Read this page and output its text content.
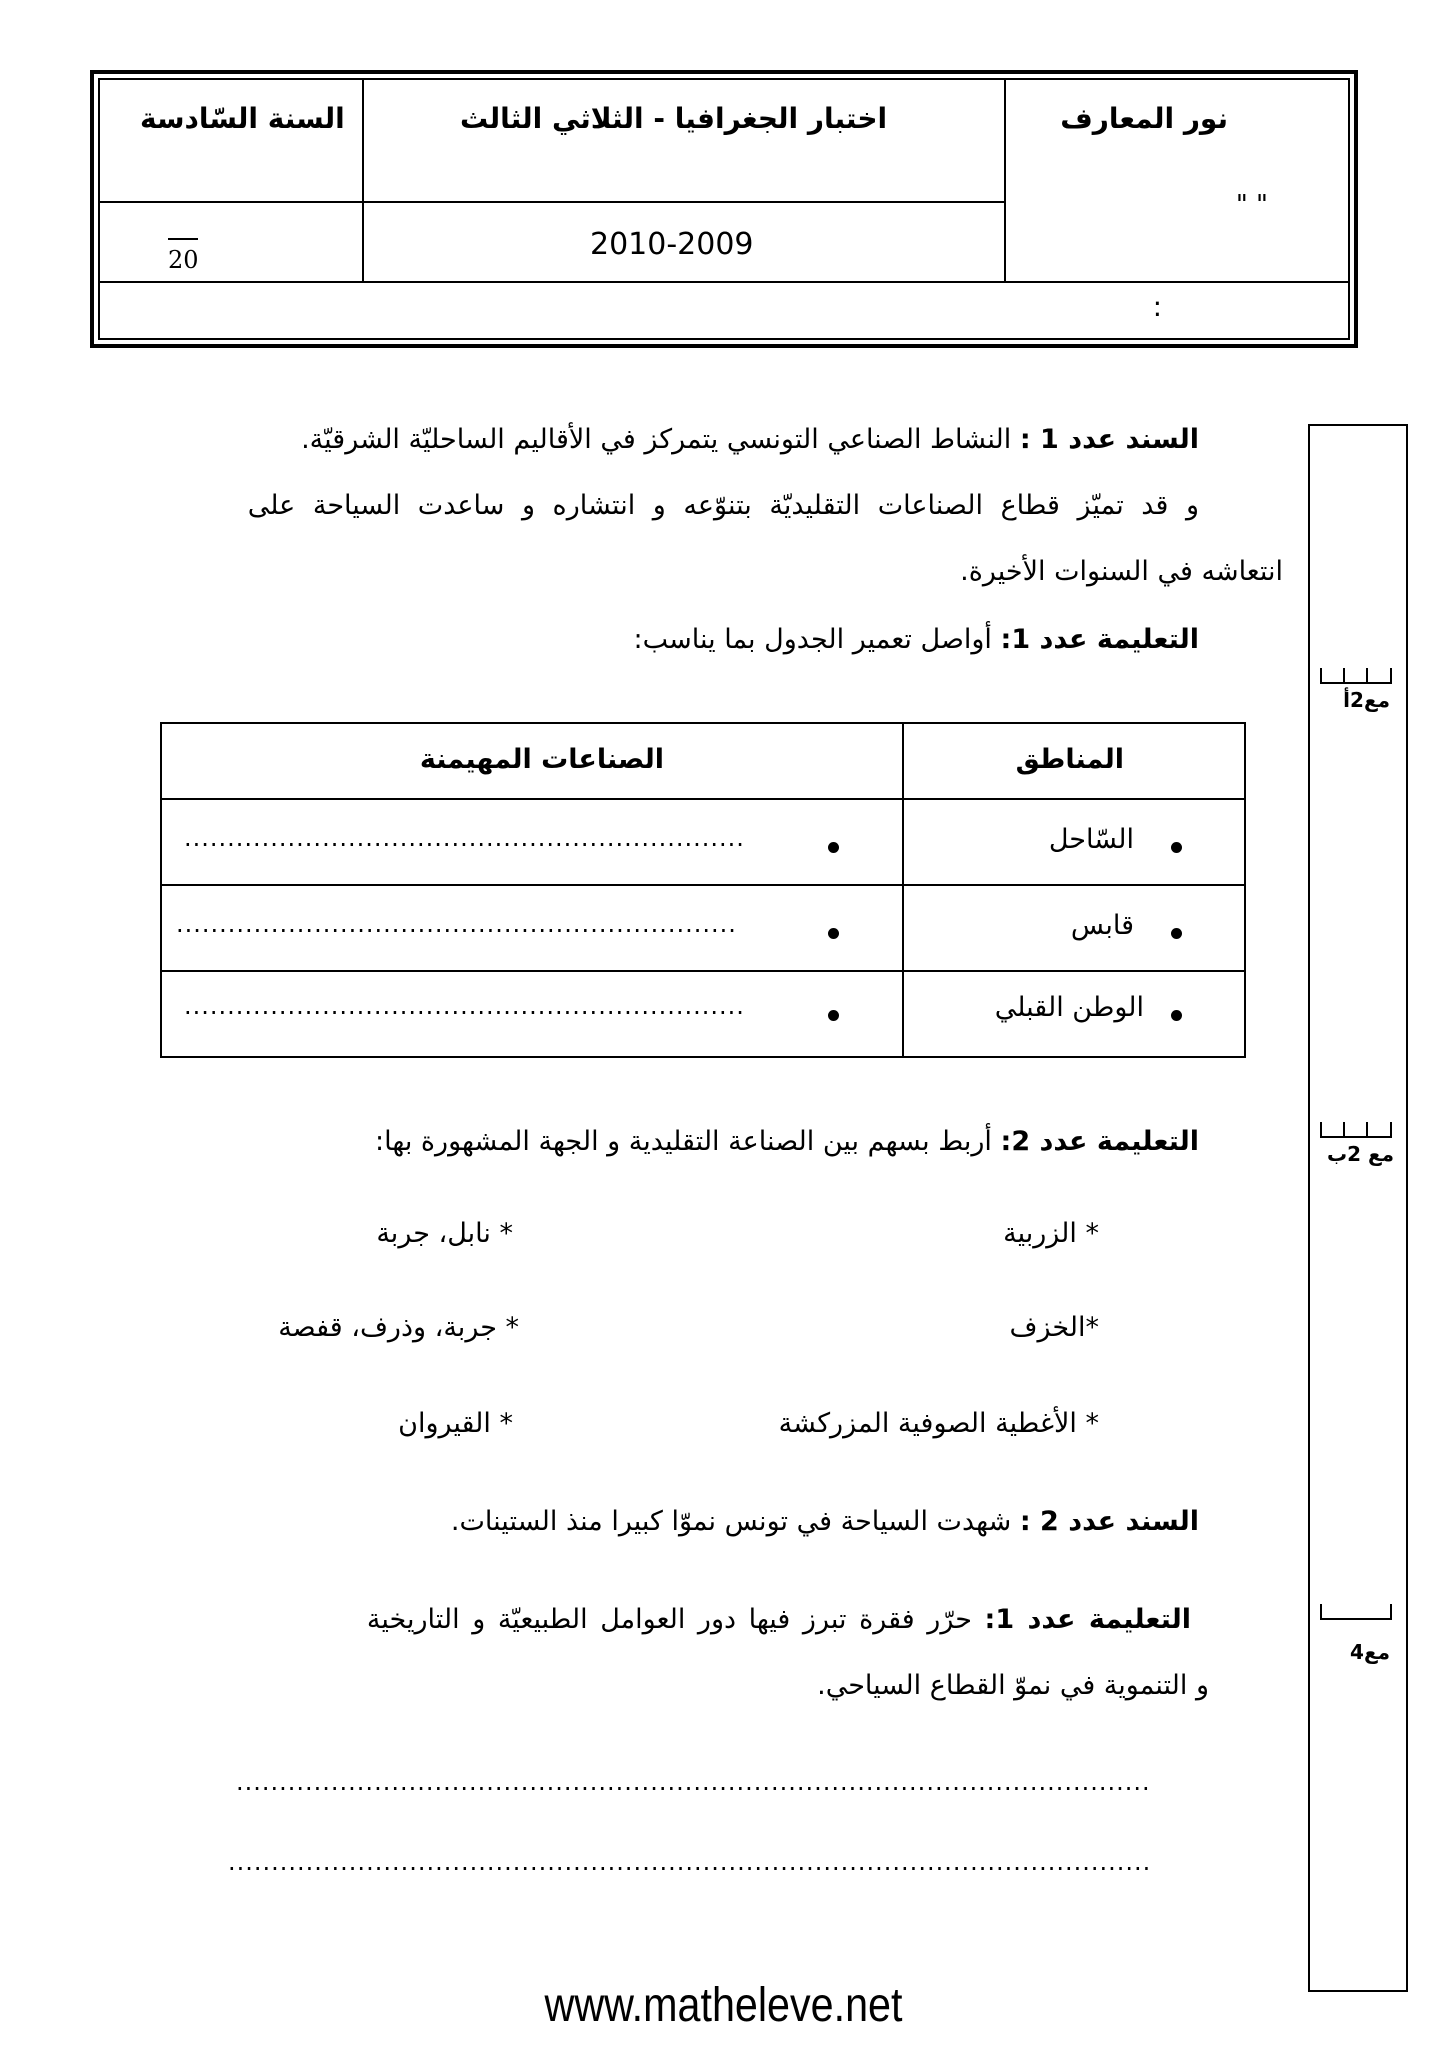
نور المعارف
" "
اختبار الجغرافيا - الثلاثي الثالث
السنة السّادسة
2010-2009
20
:
السند عدد 1 : النشاط الصناعي التونسي يتمركز في الأقاليم الساحليّة الشرقيّة.
و قد تميّز قطاع الصناعات التقليديّة بتنوّعه و انتشاره و ساعدت السياحة على
انتعاشه في السنوات الأخيرة.
التعليمة عدد 1: أواصل تعمير الجدول بما يناسب:
المناطق
الصناعات المهيمنة
السّاحل
.................................................................
قابس
.................................................................
الوطن القبلي
.................................................................
التعليمة عدد 2: أربط بسهم بين الصناعة التقليدية و الجهة المشهورة بها:
* الزربية
* نابل، جربة
*الخزف
* جربة، وذرف، قفصة
* الأغطية الصوفية المزركشة
* القيروان
السند عدد 2 : شهدت السياحة في تونس نموّا كبيرا منذ الستينات.
التعليمة عدد 1: حرّر فقرة تبرز فيها دور العوامل الطبيعيّة و التاريخية
و التنموية في نموّ القطاع السياحي.
..........................................................................................................
...........................................................................................................
مع2أ
مع 2ب
مع4
www.matheleve.net
